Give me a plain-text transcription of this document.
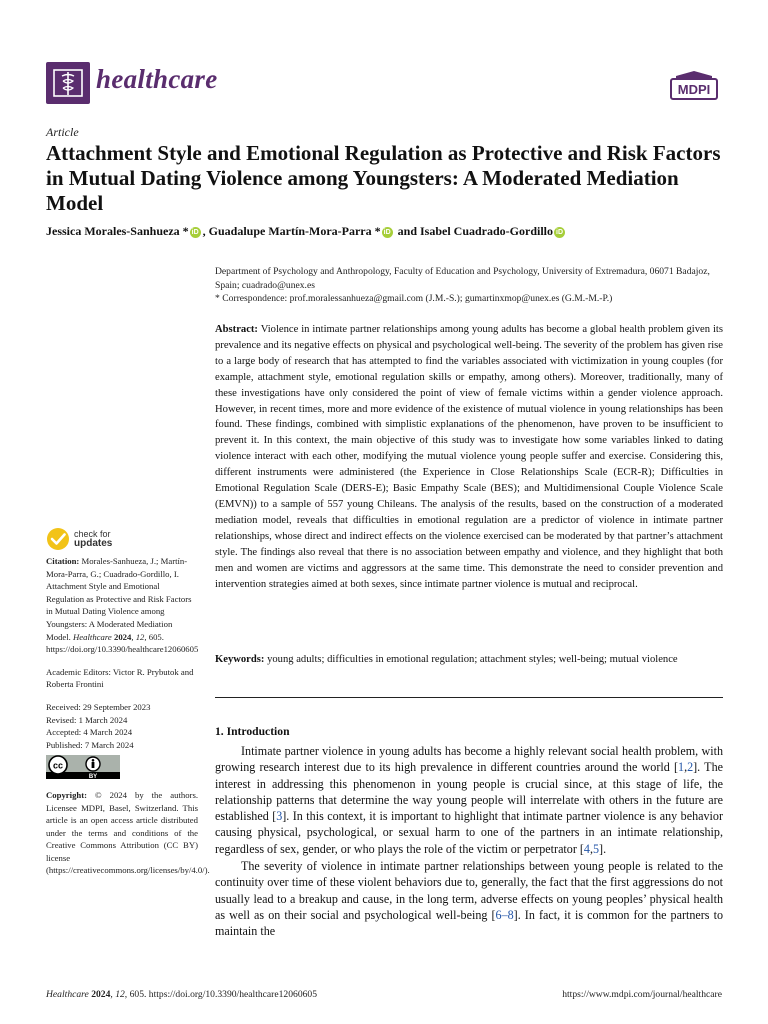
healthcare	MDPI
Article
Attachment Style and Emotional Regulation as Protective and Risk Factors in Mutual Dating Violence among Youngsters: A Moderated Mediation Model
Jessica Morales-Sanhueza * iD , Guadalupe Martín-Mora-Parra * iD and Isabel Cuadrado-Gordillo iD

Department of Psychology and Anthropology, Faculty of Education and Psychology, University of Extremadura, 06071 Badajoz, Spain; cuadrado@unex.es

* Correspondence: prof.moralessanhueza@gmail.com (J.M.-S.); gumartinxmop@unex.es (G.M.-M.-P.)

Abstract: Violence in intimate partner relationships among young adults has become a global health problem given its prevalence and its negative effects on physical and psychological well-being. The severity of the problem has given rise to a large body of research that has attempted to find the variables associated with victimization in young couples (for example, attachment style, emotional regulation skills or empathy, among others). Moreover, traditionally, many of these investigations have only considered the point of view of female victims within a gender violence approach. However, in recent times, more and more evidence of the existence of mutual violence in young relationships has been found. These findings, combined with simplistic explanations of the phenomenon, have proven to be insufficient to prevent it. In this context, the main objective of this study was to investigate how some variables linked to dating violence interact with each other, modifying the mutual violence young people suffer and exercise. Considering this, different instruments were administered (the Experience in Close Relationships Scale (ECR-R); Difficulties in Emotional Regulation Scale (DERS-E); Basic Empathy Scale (BES); and Multidimensional Couple Violence Scale (EMVN)) to a sample of 557 young Chileans. The analysis of the results, based on the construction of a moderated mediation model, reveals that difficulties in emotional regulation are a predictor of violence in intimate partner relationships, whose direct and indirect effects on the violence exercised can be moderated by that partner’s attachment style. The findings also reveal that there is no association between empathy and violence, and they highlight that both men and women are victims and aggressors at the same time. This demonstrate the need to consider prevention and intervention strategies aimed at both sexes, since intimate partner violence is mutual and reciprocal.
Keywords: young adults; difficulties in emotional regulation; attachment styles; well-being; mutual violence
1. Introduction

Intimate partner violence in young adults has become a highly relevant social health problem, with growing research interest due to its high prevalence in different countries around the world [1,2]. The interest in addressing this phenomenon in young people is crucial since, at this stage of life, the relationship patterns that determine the way young people will interrelate with others in the future are established [3]. In this context, it is important to highlight that intimate partner violence is any behavior causing physical, psychological, or sexual harm to one of the partners in an intimate relationship, regardless of sex, gender, or who plays the role of the victim or perpetrator [4,5].

The severity of violence in intimate partner relationships between young people is related to the continuity over time of these violent behaviors due to, generally, the fact that the first aggressions do not usually lead to a breakup and cause, in the long term, adverse effects on young peoples’ physical health as well as on their social and psychological well-being [6–8]. In fact, it is common for the partners to maintain the

check for
updates
Citation: Morales-Sanhueza, J.; Martín-Mora-Parra, G.; Cuadrado-Gordillo, I. Attachment Style and Emotional Regulation as Protective and Risk Factors in Mutual Dating Violence among Youngsters: A Moderated Mediation Model. Healthcare 2024, 12, 605. https://doi.org/10.3390/healthcare12060605
Academic Editors: Victor R. Prybutok and Roberta Frontini
Received: 29 September 2023
Revised: 1 March 2024
Accepted: 4 March 2024
Published: 7 March 2024
cc
BY
Copyright: © 2024 by the authors. Licensee MDPI, Basel, Switzerland. This article is an open access article distributed under the terms and conditions of the Creative Commons Attribution (CC BY) license (https://creativecommons.org/licenses/by/4.0/).
Healthcare 2024, 12, 605. https://doi.org/10.3390/healthcare12060605	https://www.mdpi.com/journal/healthcare
